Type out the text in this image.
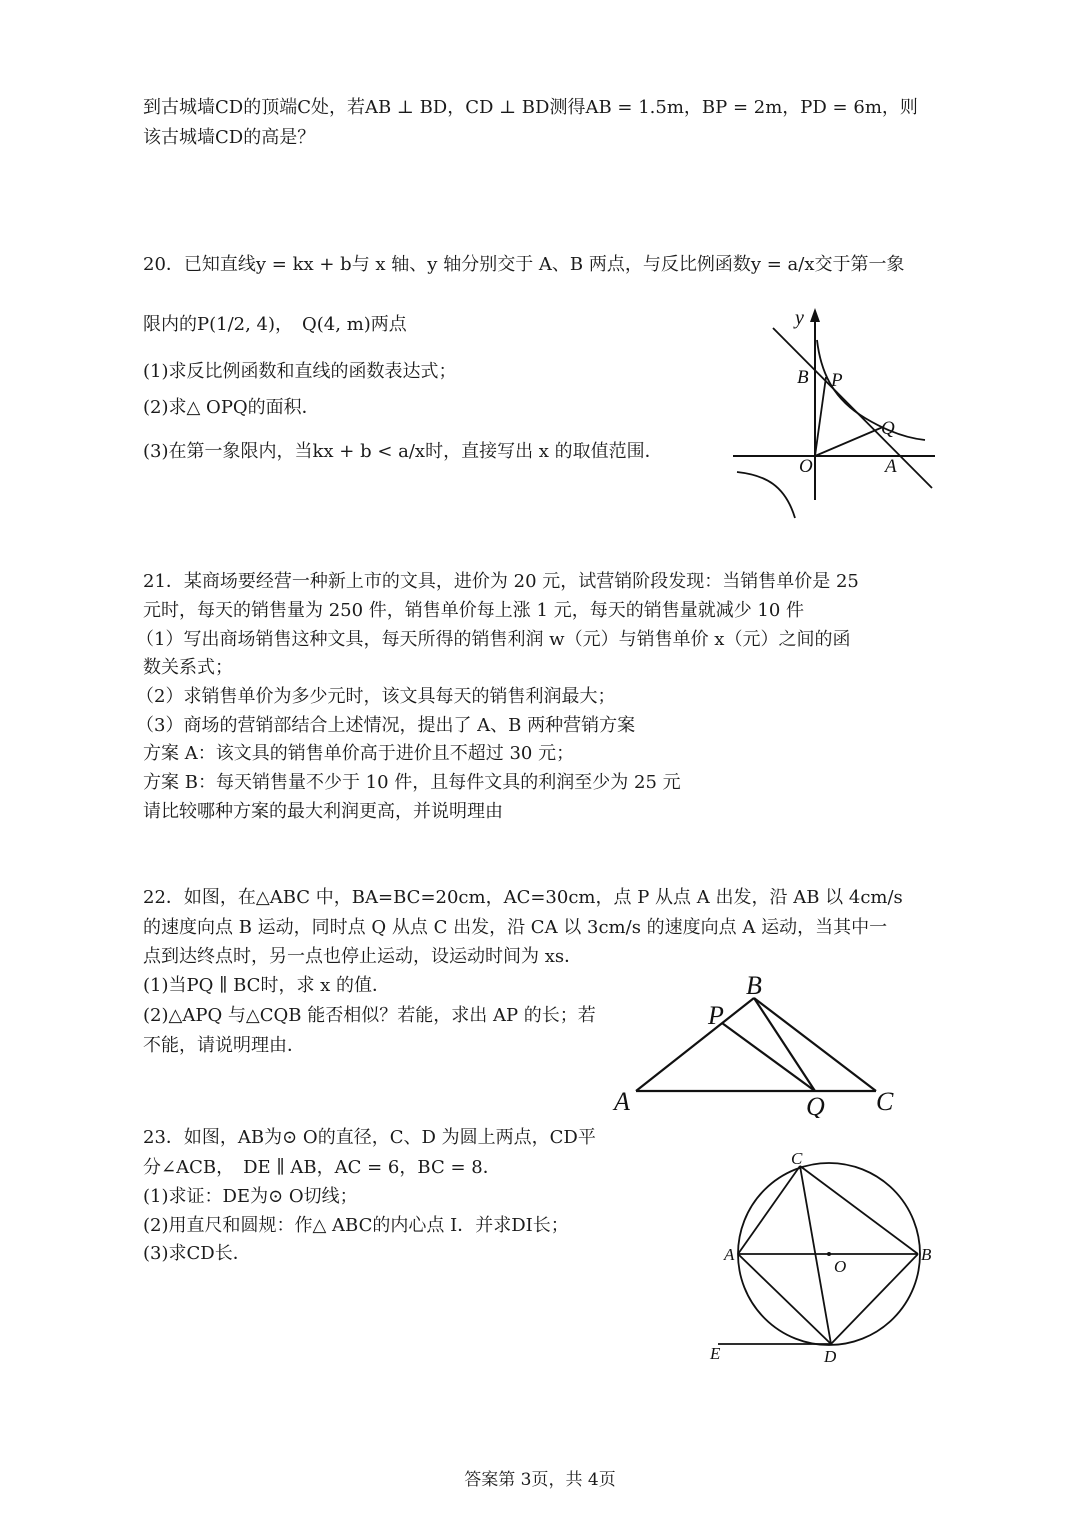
到古城墙CD的顶端C处，若AB ⊥ BD，CD ⊥ BD测得AB = 1.5m，BP = 2m，PD = 6m，则
该古城墙CD的高是？
20．已知直线y = kx + b与 x 轴、y 轴分别交于 A、B 两点，与反比例函数y = a/x交于第一象
限内的P(1/2, 4)，　Q(4, m)两点
(1)求反比例函数和直线的函数表达式；
(2)求△ OPQ的面积．
(3)在第一象限内，当kx + b < a/x时，直接写出 x 的取值范围．
y
B P
Q
O	A
21．某商场要经营一种新上市的文具，进价为 20 元，试营销阶段发现：当销售单价是 25
元时，每天的销售量为 250 件，销售单价每上涨 1 元，每天的销售量就减少 10 件
（1）写出商场销售这种文具，每天所得的销售利润 w（元）与销售单价 x（元）之间的函
数关系式；
（2）求销售单价为多少元时，该文具每天的销售利润最大；
（3）商场的营销部结合上述情况，提出了 A、B 两种营销方案
方案 A：该文具的销售单价高于进价且不超过 30 元；
方案 B：每天销售量不少于 10 件，且每件文具的利润至少为 25 元
请比较哪种方案的最大利润更高，并说明理由
22．如图，在△ABC 中，BA=BC=20cm，AC=30cm，点 P 从点 A 出发，沿 AB 以 4cm/s
的速度向点 B 运动，同时点 Q 从点 C 出发，沿 CA 以 3cm/s 的速度向点 A 运动，当其中一
点到达终点时，另一点也停止运动，设运动时间为 xs．
(1)当PQ ∥ BC时，求 x 的值．
(2)△APQ 与△CQB 能否相似？若能，求出 AP 的长；若
不能，请说明理由．
B
P
A	Q C
23．如图，AB为⊙ O的直径，C、D 为圆上两点，CD平
分∠ACB，　DE ∥ AB，AC = 6，BC = 8．
(1)求证：DE为⊙ O切线；
(2)用直尺和圆规：作△ ABC的内心点 I．并求DI长；
(3)求CD长．
C
A	B
O
E	D
答案第 3页，共 4页
